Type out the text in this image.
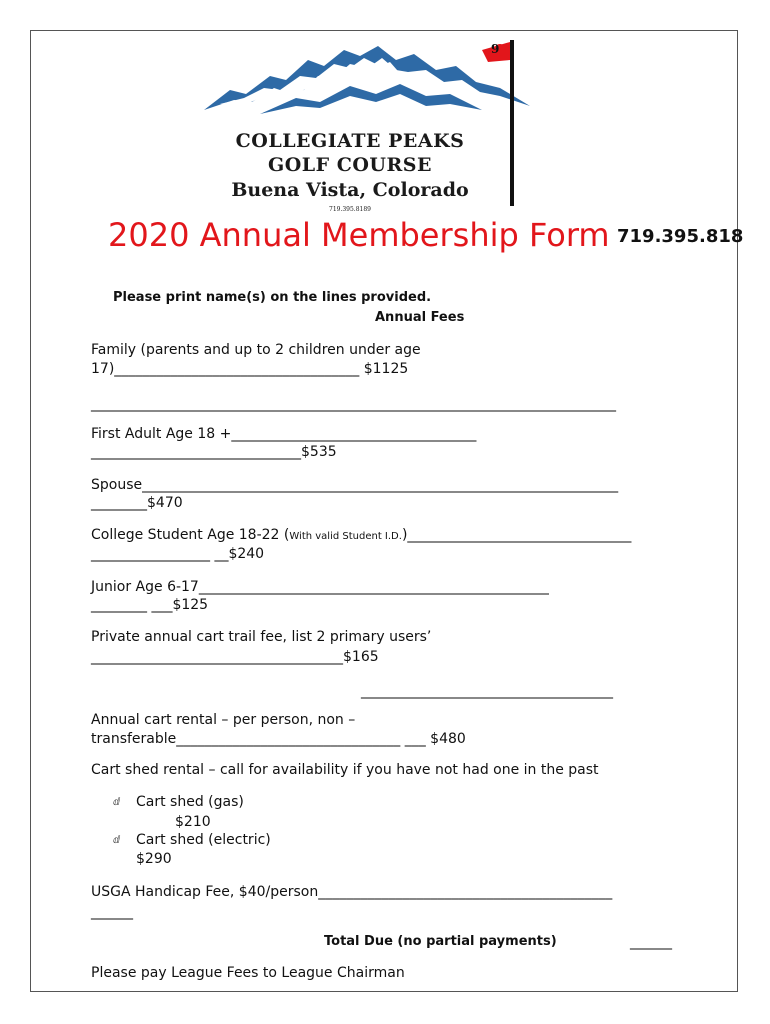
COLLEGIATE PEAKS
GOLF COURSE
Buena Vista, Colorado
719.395.8189
9
2020 Annual Membership Form 719.395.818
Please print name(s) on the lines provided.
Annual Fees
Family (parents and up to 2 children under age
17)___________________________________ $1125
___________________________________________________________________________
First Adult Age 18 +___________________________________
______________________________$535
Spouse____________________________________________________________________
________$470
College Student Age 18-22 (With valid Student I.D.)________________________________
_________________ __$240
Junior Age 6-17__________________________________________________
________ ___$125
Private annual cart trail fee, list 2 primary users’
____________________________________$165
____________________________________
Annual cart rental – per person, non –
transferable________________________________ ___ $480
Cart shed rental – call for availability if you have not had one in the past
ⅆ Cart shed (gas)
$210
ⅆ Cart shed (electric)
$290
USGA Handicap Fee, $40/person__________________________________________
______
Total Due (no partial payments)	______
Please pay League Fees to League Chairman
